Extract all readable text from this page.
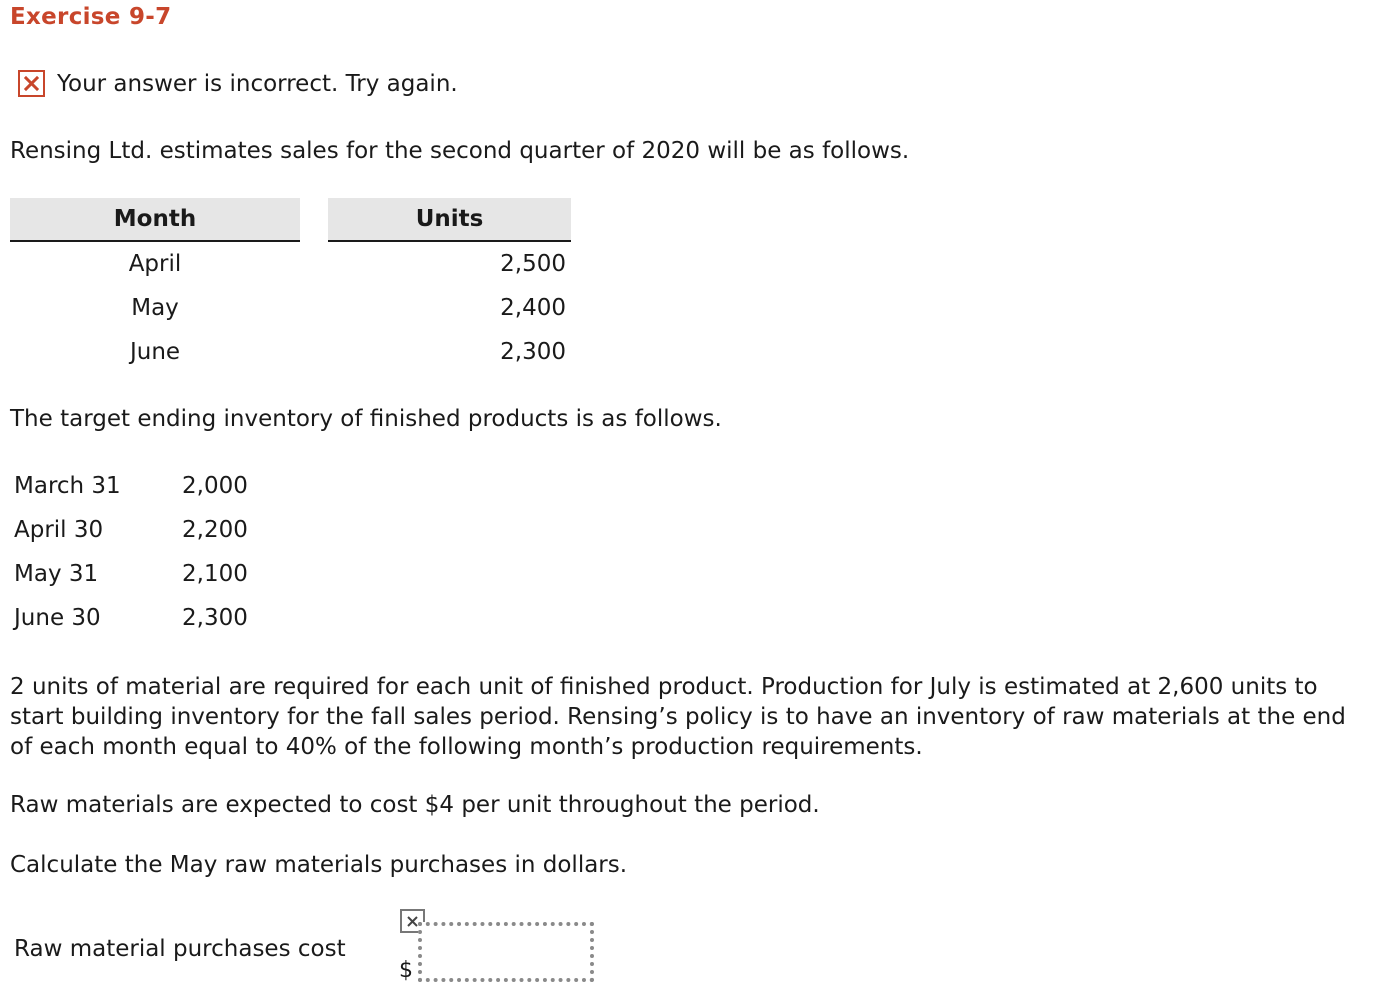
Exercise 9-7
Your answer is incorrect. Try again.
Rensing Ltd. estimates sales for the second quarter of 2020 will be as follows.
Month	Units
April	2,500
May	2,400
June	2,300
The target ending inventory of finished products is as follows.
March 31	2,000
April 30	2,200
May 31	2,100
June 30	2,300
2 units of material are required for each unit of finished product. Production for July is estimated at 2,600 units to start building inventory for the fall sales period. Rensing’s policy is to have an inventory of raw materials at the end of each month equal to 40% of the following month’s production requirements.
Raw materials are expected to cost $4 per unit throughout the period.
Calculate the May raw materials purchases in dollars.
Raw material purchases cost
$
